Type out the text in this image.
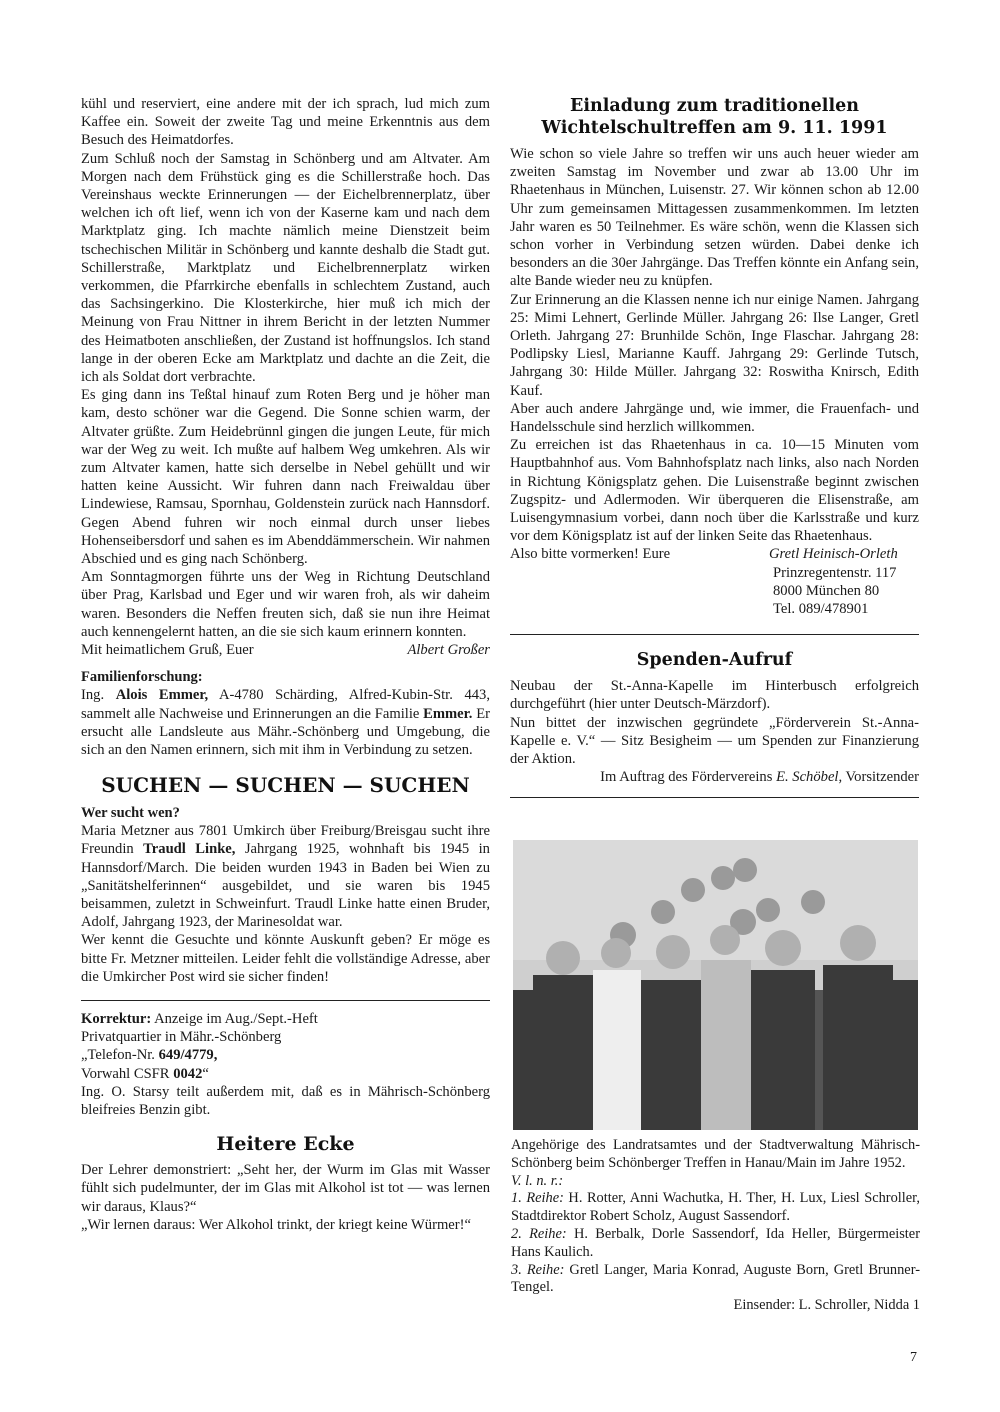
kühl und reserviert, eine andere mit der ich sprach, lud mich zum Kaffee ein. Soweit der zweite Tag und meine Erkenntnis aus dem Besuch des Heimatdorfes.

Zum Schluß noch der Samstag in Schönberg und am Altvater. Am Morgen nach dem Frühstück ging es die Schillerstraße hoch. Das Vereinshaus weckte Erinnerungen — der Eichelbrennerplatz, über welchen ich oft lief, wenn ich von der Kaserne kam und nach dem Marktplatz ging. Ich machte nämlich meine Dienstzeit beim tschechischen Militär in Schönberg und kannte deshalb die Stadt gut. Schillerstraße, Marktplatz und Eichelbrennerplatz wirken verkommen, die Pfarrkirche ebenfalls in schlechtem Zustand, auch das Sachsingerkino. Die Klosterkirche, hier muß ich mich der Meinung von Frau Nittner in ihrem Bericht in der letzten Nummer des Heimatboten anschließen, der Zustand ist hoffnungslos. Ich stand lange in der oberen Ecke am Marktplatz und dachte an die Zeit, die ich als Soldat dort verbrachte.

Es ging dann ins Teßtal hinauf zum Roten Berg und je höher man kam, desto schöner war die Gegend. Die Sonne schien warm, der Altvater grüßte. Zum Heidebrünnl gingen die jungen Leute, für mich war der Weg zu weit. Ich mußte auf halbem Weg umkehren. Als wir zum Altvater kamen, hatte sich derselbe in Nebel gehüllt und wir hatten keine Aussicht. Wir fuhren dann nach Freiwaldau über Lindewiese, Ramsau, Spornhau, Goldenstein zurück nach Hannsdorf. Gegen Abend fuhren wir noch einmal durch unser liebes Hohenseibersdorf und sahen es im Abenddämmerschein. Wir nahmen Abschied und es ging nach Schönberg.

Am Sonntagmorgen führte uns der Weg in Richtung Deutschland über Prag, Karlsbad und Eger und wir waren froh, als wir daheim waren. Besonders die Neffen freuten sich, daß sie nun ihre Heimat auch kennengelernt hatten, an die sie sich kaum erinnern konnten.

Mit heimatlichem Gruß, Euer	Albert Großer

Familienforschung:

Ing. Alois Emmer, A-4780 Schärding, Alfred-Kubin-Str. 443, sammelt alle Nachweise und Erinnerungen an die Familie Emmer. Er ersucht alle Landsleute aus Mähr.-Schönberg und Umgebung, die sich an den Namen erinnern, sich mit ihm in Verbindung zu setzen.

SUCHEN — SUCHEN — SUCHEN

Wer sucht wen?

Maria Metzner aus 7801 Umkirch über Freiburg/Breisgau sucht ihre Freundin Traudl Linke, Jahrgang 1925, wohnhaft bis 1945 in Hannsdorf/March. Die beiden wurden 1943 in Baden bei Wien zu „Sanitätshelferinnen“ ausgebildet, und sie waren bis 1945 beisammen, zuletzt in Schweinfurt. Traudl Linke hatte einen Bruder, Adolf, Jahrgang 1923, der Marinesoldat war.

Wer kennt die Gesuchte und könnte Auskunft geben? Er möge es bitte Fr. Metzner mitteilen. Leider fehlt die vollständige Adresse, aber die Umkircher Post wird sie sicher finden!

Korrektur: Anzeige im Aug./Sept.-Heft

Privatquartier in Mähr.-Schönberg

„Telefon-Nr. 649/4779,

Vorwahl CSFR 0042“

Ing. O. Starsy teilt außerdem mit, daß es in Mährisch-Schönberg bleifreies Benzin gibt.

Heitere Ecke

Der Lehrer demonstriert: „Seht her, der Wurm im Glas mit Wasser fühlt sich pudelmunter, der im Glas mit Alkohol ist tot — was lernen wir daraus, Klaus?“

„Wir lernen daraus: Wer Alkohol trinkt, der kriegt keine Würmer!“

Einladung zum traditionellen
Wichtelschultreffen am 9. 11. 1991

Wie schon so viele Jahre so treffen wir uns auch heuer wieder am zweiten Samstag im November und zwar ab 13.00 Uhr im Rhaetenhaus in München, Luisenstr. 27. Wir können schon ab 12.00 Uhr zum gemeinsamen Mittagessen zusammenkommen. Im letzten Jahr waren es 50 Teilnehmer. Es wäre schön, wenn die Klassen sich schon vorher in Verbindung setzen würden. Dabei denke ich besonders an die 30er Jahrgänge. Das Treffen könnte ein Anfang sein, alte Bande wieder neu zu knüpfen.

Zur Erinnerung an die Klassen nenne ich nur einige Namen. Jahrgang 25: Mimi Lehnert, Gerlinde Müller. Jahrgang 26: Ilse Langer, Gretl Orleth. Jahrgang 27: Brunhilde Schön, Inge Flaschar. Jahrgang 28: Podlipsky Liesl, Marianne Kauff. Jahrgang 29: Gerlinde Tutsch, Jahrgang 30: Hilde Müller. Jahrgang 32: Roswitha Knirsch, Edith Kauf.

Aber auch andere Jahrgänge und, wie immer, die Frauenfach- und Handelsschule sind herzlich willkommen.

Zu erreichen ist das Rhaetenhaus in ca. 10—15 Minuten vom Hauptbahnhof aus. Vom Bahnhofsplatz nach links, also nach Norden in Richtung Königsplatz gehen. Die Luisenstraße beginnt zwischen Zugspitz- und Adlermoden. Wir überqueren die Elisenstraße, am Luisengymnasium vorbei, dann noch über die Karlsstraße und kurz vor dem Königsplatz ist auf der linken Seite das Rhaetenhaus.

Also bitte vormerken! Eure	Gretl Heinisch-Orleth
Prinzregentenstr. 117
8000 München 80
Tel. 089/478901
Spenden-Aufruf

Neubau der St.-Anna-Kapelle im Hinterbusch erfolgreich durchgeführt (hier unter Deutsch-Märzdorf).

Nun bittet der inzwischen gegründete „Förderverein St.-Anna-Kapelle e. V.“ — Sitz Besigheim — um Spenden zur Finanzierung der Aktion.

Im Auftrag des Fördervereins E. Schöbel, Vorsitzender

Angehörige des Landratsamtes und der Stadtverwaltung Mährisch-Schönberg beim Schönberger Treffen in Hanau/Main im Jahre 1952.

V. l. n. r.:

1. Reihe: H. Rotter, Anni Wachutka, H. Ther, H. Lux, Liesl Schroller, Stadtdirektor Robert Scholz, August Sassendorf.

2. Reihe: H. Berbalk, Dorle Sassendorf, Ida Heller, Bürgermeister Hans Kaulich.

3. Reihe: Gretl Langer, Maria Konrad, Auguste Born, Gretl Brunner-Tengel.

Einsender: L. Schroller, Nidda 1

7
